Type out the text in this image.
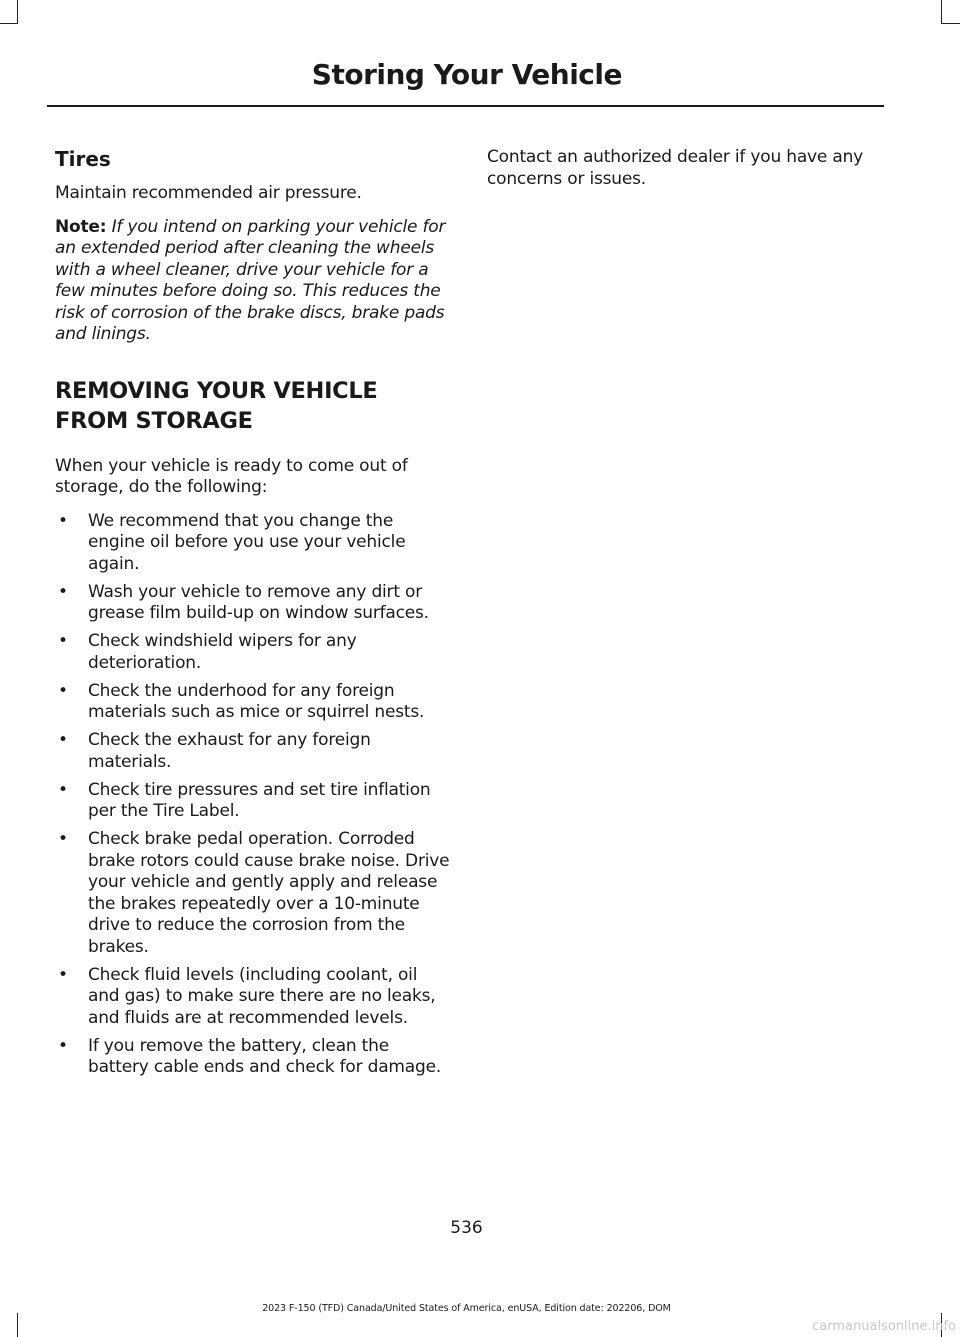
Storing Your Vehicle
Tires

Maintain recommended air pressure.

Note: If you intend on parking your vehicle for an extended period after cleaning the wheels with a wheel cleaner, drive your vehicle for a few minutes before doing so. This reduces the risk of corrosion of the brake discs, brake pads and linings.

REMOVING YOUR VEHICLE
FROM STORAGE

When your vehicle is ready to come out of storage, do the following:

• We recommend that you change the engine oil before you use your vehicle again.
• Wash your vehicle to remove any dirt or grease film build-up on window surfaces.
• Check windshield wipers for any deterioration.
• Check the underhood for any foreign materials such as mice or squirrel nests.
• Check the exhaust for any foreign materials.
• Check tire pressures and set tire inflation per the Tire Label.
• Check brake pedal operation. Corroded brake rotors could cause brake noise. Drive your vehicle and gently apply and release the brakes repeatedly over a 10-minute drive to reduce the corrosion from the brakes.
• Check fluid levels (including coolant, oil and gas) to make sure there are no leaks, and fluids are at recommended levels.
• If you remove the battery, clean the battery cable ends and check for damage.

Contact an authorized dealer if you have any concerns or issues.

536
2023 F-150 (TFD) Canada/United States of America, enUSA, Edition date: 202206, DOM
carmanualsonline.info
